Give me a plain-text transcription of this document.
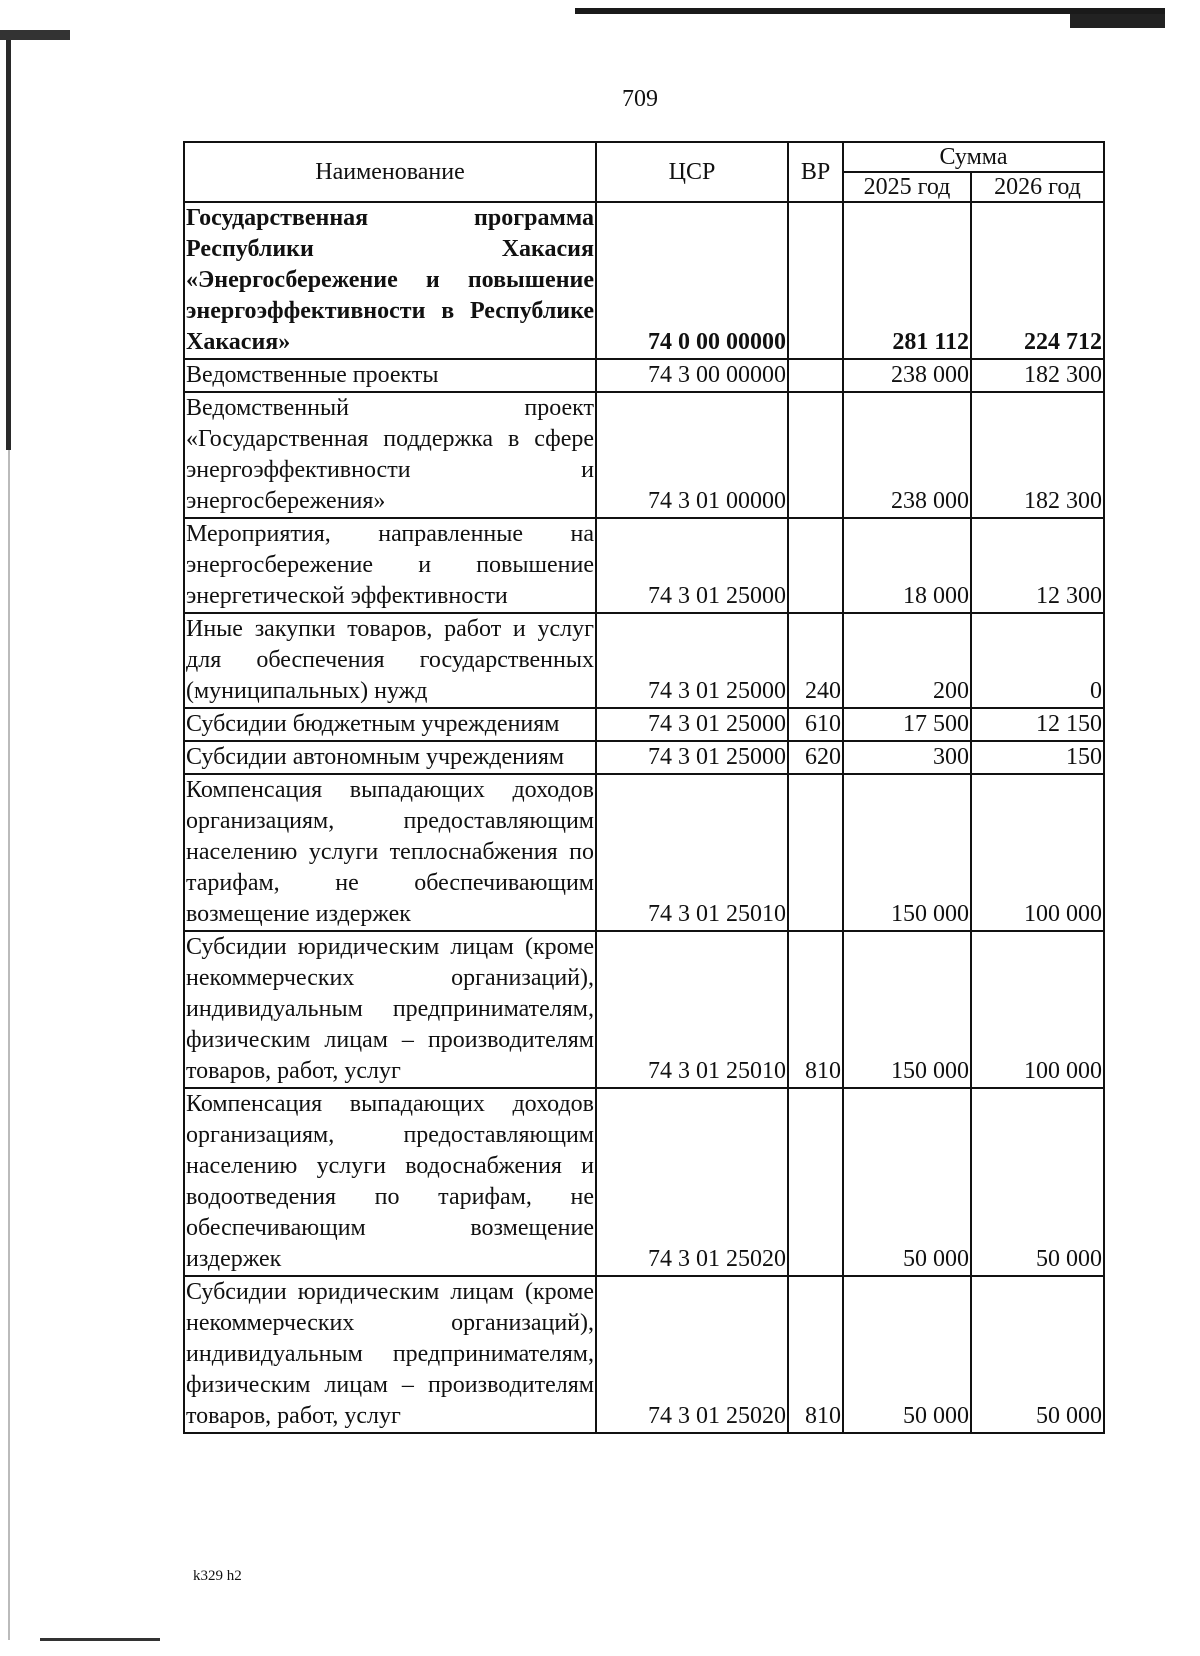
709
Наименование	ЦСР	ВР	Сумма	
			2025 год	2026 год
Государственная программа Республики Хакасия «Энергосбережение и повышение энергоэффективности в Республике Хакасия»	74 0 00 00000		281 112	224 712
Ведомственные проекты	74 3 00 00000		238 000	182 300
Ведомственный проект «Государственная поддержка в сфере энергоэффективности и энергосбережения»	74 3 01 00000		238 000	182 300
Мероприятия, направленные на энергосбережение и повышение энергетической эффективности	74 3 01 25000		18 000	12 300
Иные закупки товаров, работ и услуг для обеспечения государственных (муниципальных) нужд	74 3 01 25000	240	200	0
Субсидии бюджетным учреждениям	74 3 01 25000	610	17 500	12 150
Субсидии автономным учреждениям	74 3 01 25000	620	300	150
Компенсация выпадающих доходов организациям, предоставляющим населению услуги теплоснабжения по тарифам, не обеспечивающим возмещение издержек	74 3 01 25010		150 000	100 000
Субсидии юридическим лицам (кроме некоммерческих организаций), индивидуальным предпринимателям, физическим лицам – производителям товаров, работ, услуг	74 3 01 25010	810	150 000	100 000
Компенсация выпадающих доходов организациям, предоставляющим населению услуги водоснабжения и водоотведения по тарифам, не обеспечивающим возмещение издержек	74 3 01 25020		50 000	50 000
Субсидии юридическим лицам (кроме некоммерческих организаций), индивидуальным предпринимателям, физическим лицам – производителям товаров, работ, услуг	74 3 01 25020	810	50 000	50 000
k329 h2
